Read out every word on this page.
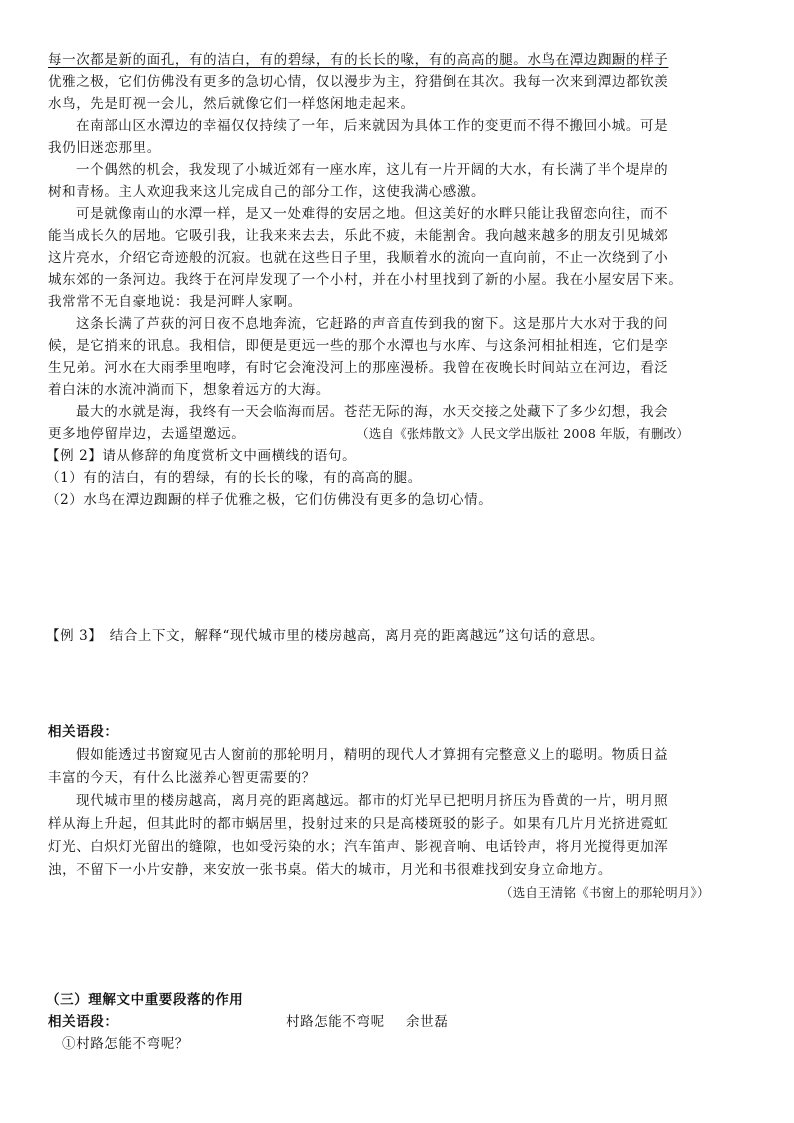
每一次都是新的面孔，有的洁白，有的碧绿，有的长长的喙，有的高高的腿。水鸟在潭边踟蹰的样子
优雅之极，它们仿佛没有更多的急切心情，仅以漫步为主，狩猎倒在其次。我每一次来到潭边都钦羡
水鸟，先是盯视一会儿，然后就像它们一样悠闲地走起来。
在南部山区水潭边的幸福仅仅持续了一年，后来就因为具体工作的变更而不得不搬回小城。可是
我仍旧迷恋那里。
一个偶然的机会，我发现了小城近郊有一座水库，这儿有一片开阔的大水，有长满了半个堤岸的
树和青杨。主人欢迎我来这儿完成自己的部分工作，这使我满心感激。
可是就像南山的水潭一样，是又一处难得的安居之地。但这美好的水畔只能让我留恋向往，而不
能当成长久的居地。它吸引我，让我来来去去，乐此不疲，未能割舍。我向越来越多的朋友引见城郊
这片亮水，介绍它奇迹般的沉寂。也就在这些日子里，我顺着水的流向一直向前，不止一次绕到了小
城东郊的一条河边。我终于在河岸发现了一个小村，并在小村里找到了新的小屋。我在小屋安居下来。
我常常不无自豪地说：我是河畔人家啊。
这条长满了芦荻的河日夜不息地奔流，它赶路的声音直传到我的窗下。这是那片大水对于我的问
候，是它捎来的讯息。我相信，即便是更远一些的那个水潭也与水库、与这条河相扯相连，它们是孪
生兄弟。河水在大雨季里咆哮，有时它会淹没河上的那座漫桥。我曾在夜晚长时间站立在河边，看泛
着白沫的水流冲淌而下，想象着远方的大海。
最大的水就是海，我终有一天会临海而居。苍茫无际的海，水天交接之处藏下了多少幻想，我会
更多地停留岸边，去遥望邀远。	（选自《张炜散文》人民文学出版社 2008 年版，有删改）
【例 2】请从修辞的角度赏析文中画横线的语句。
（1）有的洁白，有的碧绿，有的长长的喙，有的高高的腿。
（2）水鸟在潭边踟蹰的样子优雅之极，它们仿佛没有更多的急切心情。
【例 3】　结合上下文，解释“现代城市里的楼房越高，离月亮的距离越远”这句话的意思。
相关语段：
假如能透过书窗窥见古人窗前的那轮明月，精明的现代人才算拥有完整意义上的聪明。物质日益
丰富的今天，有什么比滋养心智更需要的？
现代城市里的楼房越高，离月亮的距离越远。都市的灯光早已把明月挤压为昏黄的一片，明月照
样从海上升起，但其此时的都市蜗居里，投射过来的只是高楼斑驳的影子。如果有几片月光挤进霓虹
灯光、白炽灯光留出的缝隙，也如受污染的水；汽车笛声、影视音响、电话铃声，将月光搅得更加浑
浊，不留下一小片安静，来安放一张书桌。偌大的城市，月光和书很难找到安身立命地方。
（选自王清铭《书窗上的那轮明月》）
（三）理解文中重要段落的作用
相关语段：	村路怎能不弯呢 余世磊
①村路怎能不弯呢？
